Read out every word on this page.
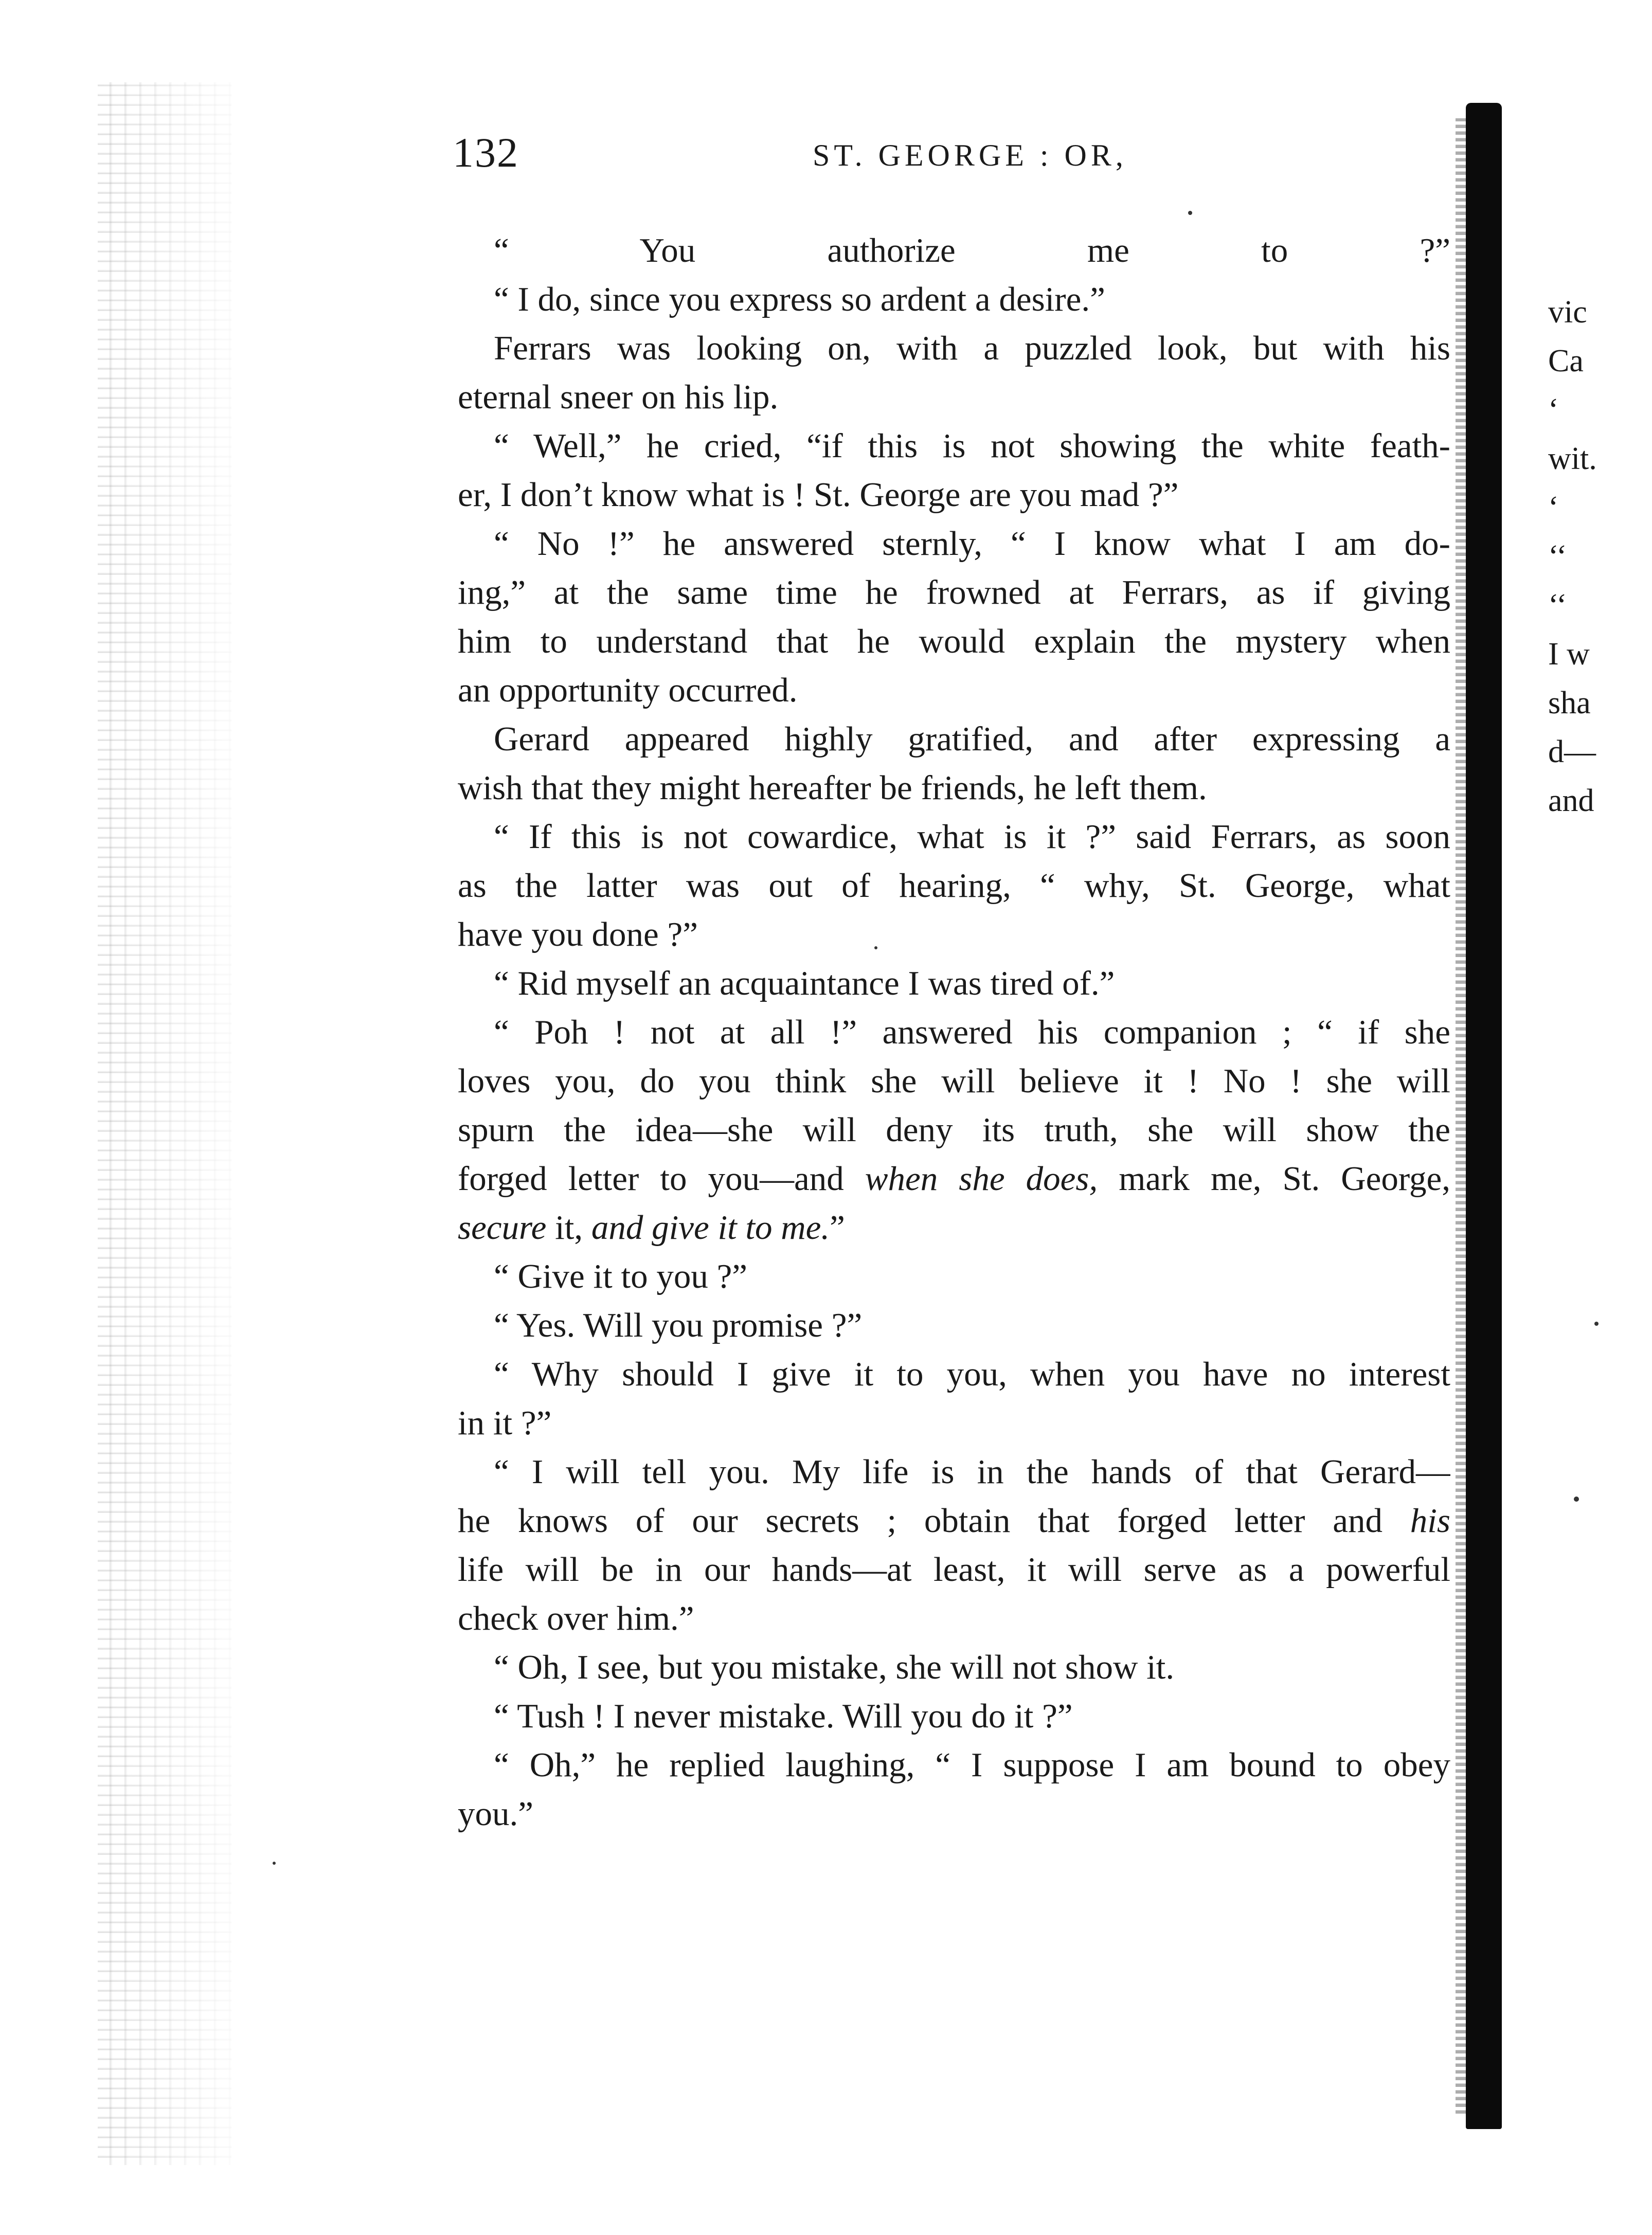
132	ST. GEORGE : OR,
“ You authorize me to ?”
“ I do, since you express so ardent a desire.”
Ferrars was looking on, with a puzzled look, but with his
eternal sneer on his lip.
“ Well,” he cried, “if this is not showing the white feath-
er, I don’t know what is ! St. George are you mad ?”
“ No !” he answered sternly, “ I know what I am do-
ing,” at the same time he frowned at Ferrars, as if giving
him to understand that he would explain the mystery when
an opportunity occurred.
Gerard appeared highly gratified, and after expressing a
wish that they might hereafter be friends, he left them.
“ If this is not cowardice, what is it ?” said Ferrars, as soon
as the latter was out of hearing, “ why, St. George, what
have you done ?”
“ Rid myself an acquaintance I was tired of.”
“ Poh ! not at all !” answered his companion ; “ if she
loves you, do you think she will believe it ! No ! she will
spurn the idea—she will deny its truth, she will show the
forged letter to you—and when she does, mark me, St. George,
secure it, and give it to me.”
“ Give it to you ?”
“ Yes. Will you promise ?”
“ Why should I give it to you, when you have no interest
in it ?”
“ I will tell you. My life is in the hands of that Gerard—
he knows of our secrets ; obtain that forged letter and his
life will be in our hands—at least, it will serve as a powerful
check over him.”
“ Oh, I see, but you mistake, she will not show it.
“ Tush ! I never mistake. Will you do it ?”
“ Oh,” he replied laughing, “ I suppose I am bound to obey
you.”
vic
Ca
‘
wit.
‘
‘‘
‘‘
I w
sha
d—
and
